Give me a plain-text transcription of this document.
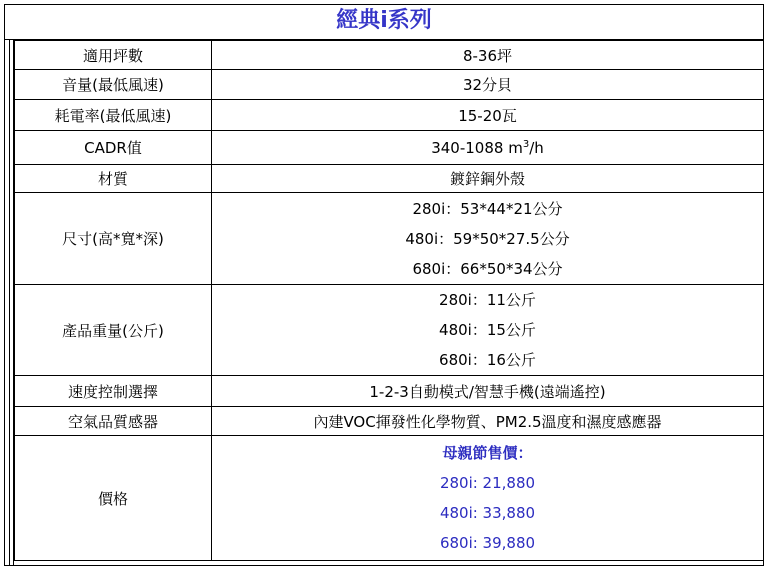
經典i系列
適用坪數	8-36坪
音量(最低風速)	32分貝
耗電率(最低風速)	15-20瓦
CADR值	340-1088 $m^3/h$
材質	鍍鋅鋼外殼
尺寸(高*寬*深)	280i：53*44*21公分
480i：59*50*27.5公分
680i：66*50*34公分

產品重量(公斤)	280i：11公斤
480i：15公斤
680i：16公斤

速度控制選擇	1-2-3自動模式/智慧手機(遠端遙控)
空氣品質感器	內建VOC揮發性化學物質、PM2.5溫度和濕度感應器
價格	母親節售價：
280i: 21,880
480i: 33,880
680i: 39,880
